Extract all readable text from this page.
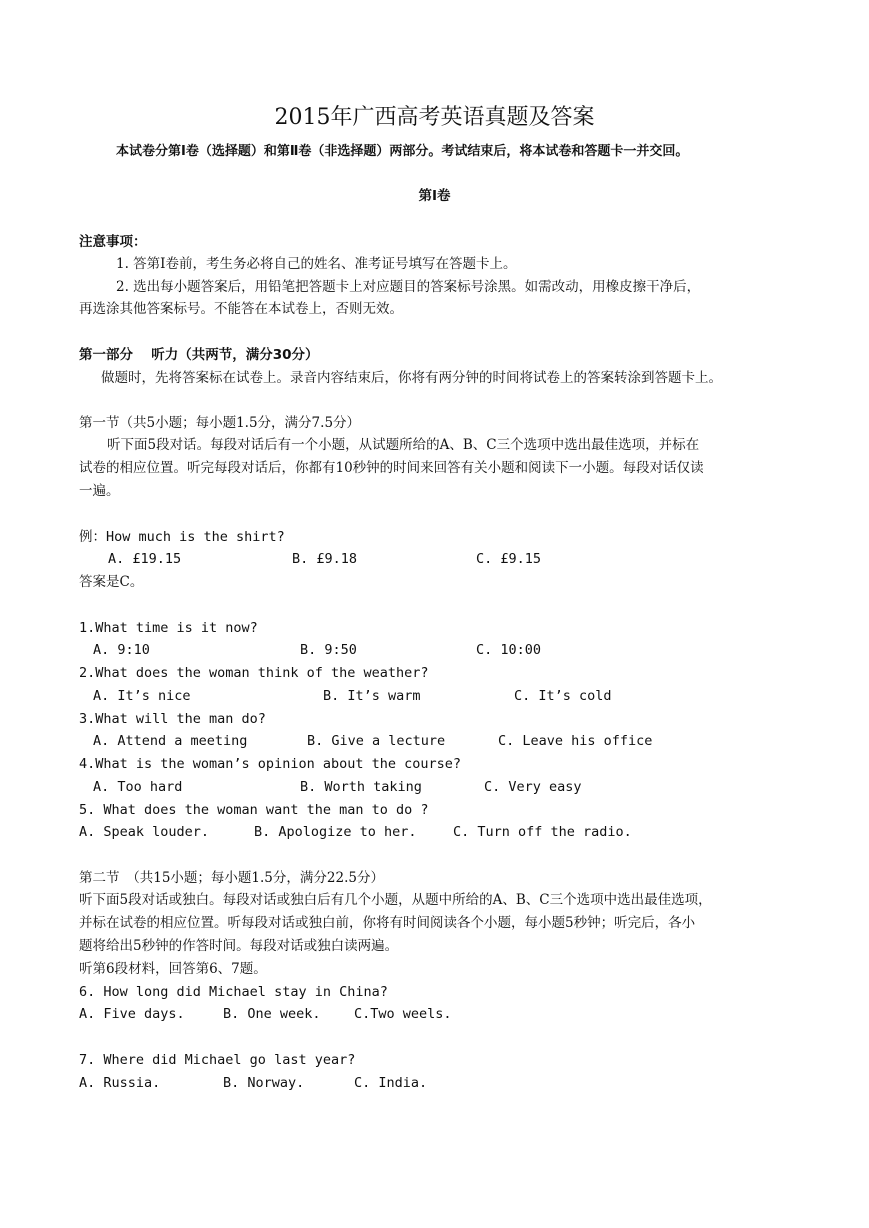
2015年广西高考英语真题及答案
本试卷分第Ⅰ卷（选择题）和第Ⅱ卷（非选择题）两部分。考试结束后，将本试卷和答题卡一并交回。
第Ⅰ卷
注意事项：
1. 答第Ⅰ卷前，考生务必将自己的姓名、准考证号填写在答题卡上。
2. 选出每小题答案后，用铅笔把答题卡上对应题目的答案标号涂黑。如需改动，用橡皮擦干净后，
再选涂其他答案标号。不能答在本试卷上，否则无效。
第一部分　 听力（共两节，满分30分）
做题时，先将答案标在试卷上。录音内容结束后，你将有两分钟的时间将试卷上的答案转涂到答题卡上。
第一节（共5小题；每小题1.5分，满分7.5分）
听下面5段对话。每段对话后有一个小题，从试题所给的A、B、C三个选项中选出最佳选项，并标在
试卷的相应位置。听完每段对话后，你都有10秒钟的时间来回答有关小题和阅读下一小题。每段对话仅读
一遍。
例：How much is the shirt?
A. £19.15	B. £9.18	C. £9.15
答案是C。
1.What time is it now?
A. 9:10	B. 9:50	C. 10:00
2.What does the woman think of the weather?
A. It’s nice	B. It’s warm	C. It’s cold
3.What will the man do?
A. Attend a meeting	B. Give a lecture	C. Leave his office
4.What is the woman’s opinion about the course?
A. Too hard	B. Worth taking	C. Very easy
5. What does the woman want the man to do ?
A. Speak louder.	B. Apologize to her.	C. Turn off the radio.
第二节　（共15小题；每小题1.5分，满分22.5分）
听下面5段对话或独白。每段对话或独白后有几个小题，从题中所给的A、B、C三个选项中选出最佳选项，
并标在试卷的相应位置。听每段对话或独白前，你将有时间阅读各个小题，每小题5秒钟；听完后，各小
题将给出5秒钟的作答时间。每段对话或独白读两遍。
听第6段材料，回答第6、7题。
6. How long did Michael stay in China?
A. Five days.	B. One week. C.Two weels.
7. Where did Michael go last year?
A. Russia.	B. Norway.	C. India.
